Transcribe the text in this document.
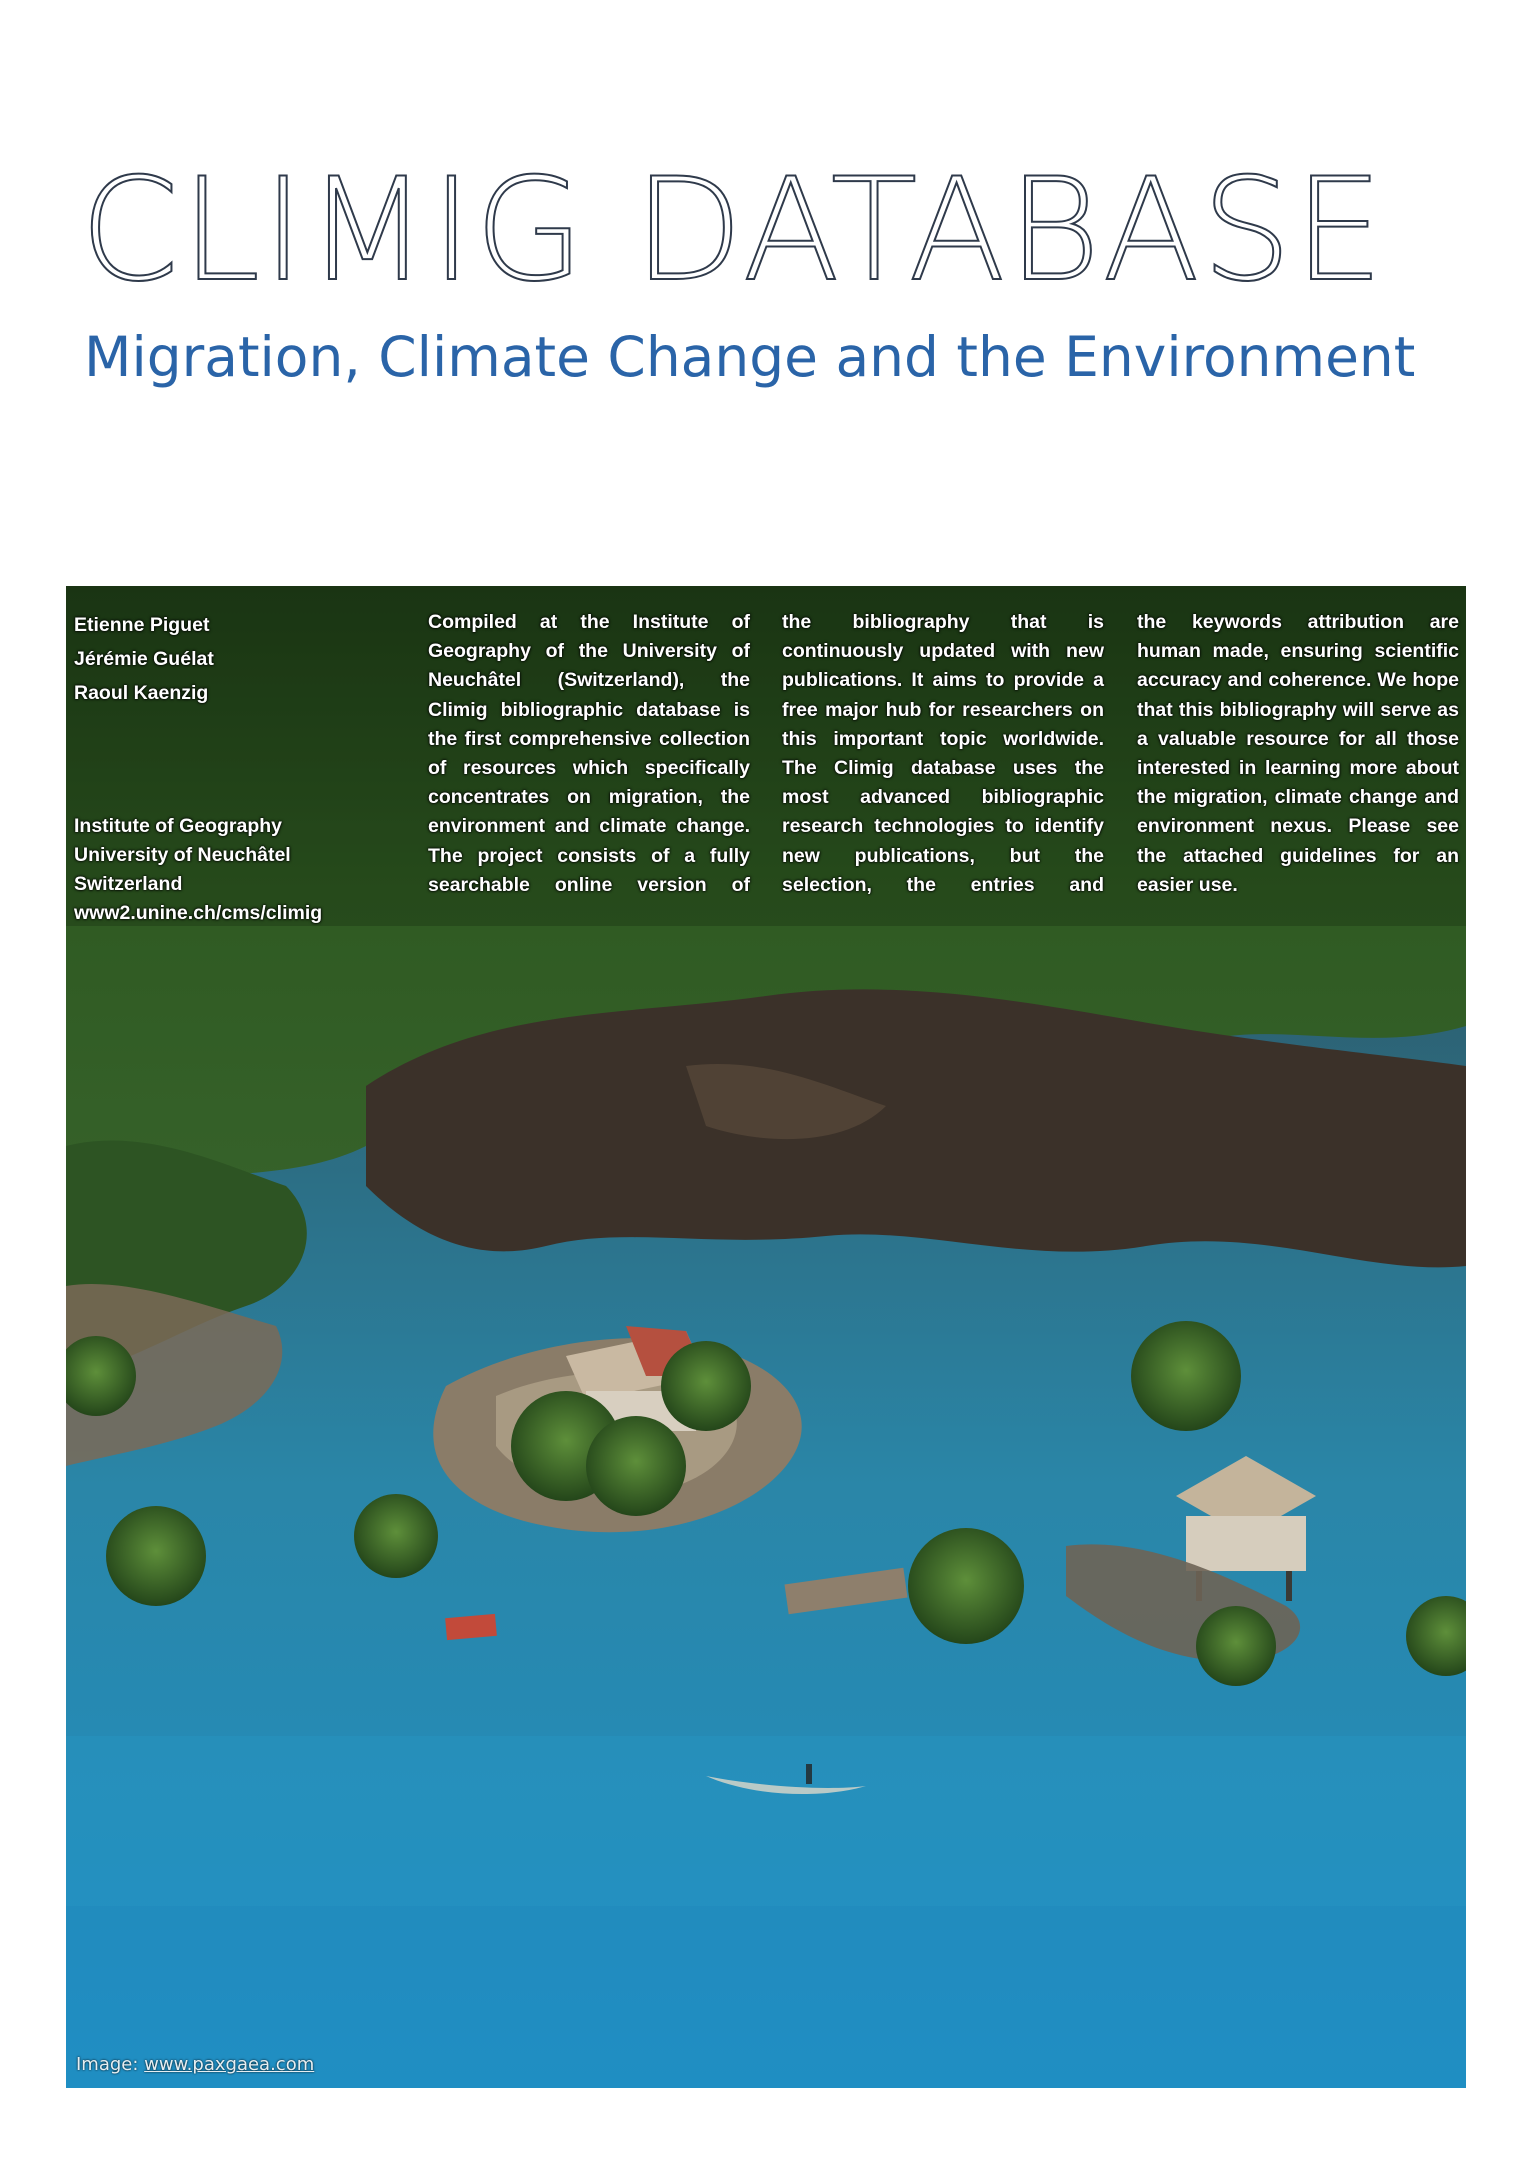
CLIMIG DATABASE
Migration, Climate Change and the Environment
Etienne Piguet
Jérémie Guélat
Raoul Kaenzig
Institute of Geography
University of Neuchâtel
Switzerland
www2.unine.ch/cms/climig
Compiled at the Institute of Geography of the University of Neuchâtel (Switzerland), the Climig bibliographic database is the first comprehensive collection of resources which specifically concentrates on migration, the environment and climate change. The project consists of a fully searchable online version of
the bibliography that is continuously updated with new publications. It aims to provide a free major hub for researchers on this important topic worldwide. The Climig database uses the most advanced bibliographic research technologies to identify new publications, but the selection, the entries and
the keywords attribution are human made, ensuring scientific accuracy and coherence. We hope that this bibliography will serve as a valuable resource for all those interested in learning more about the migration, climate change and environment nexus. Please see the attached guidelines for an easier use.
Image: www.paxgaea.com
